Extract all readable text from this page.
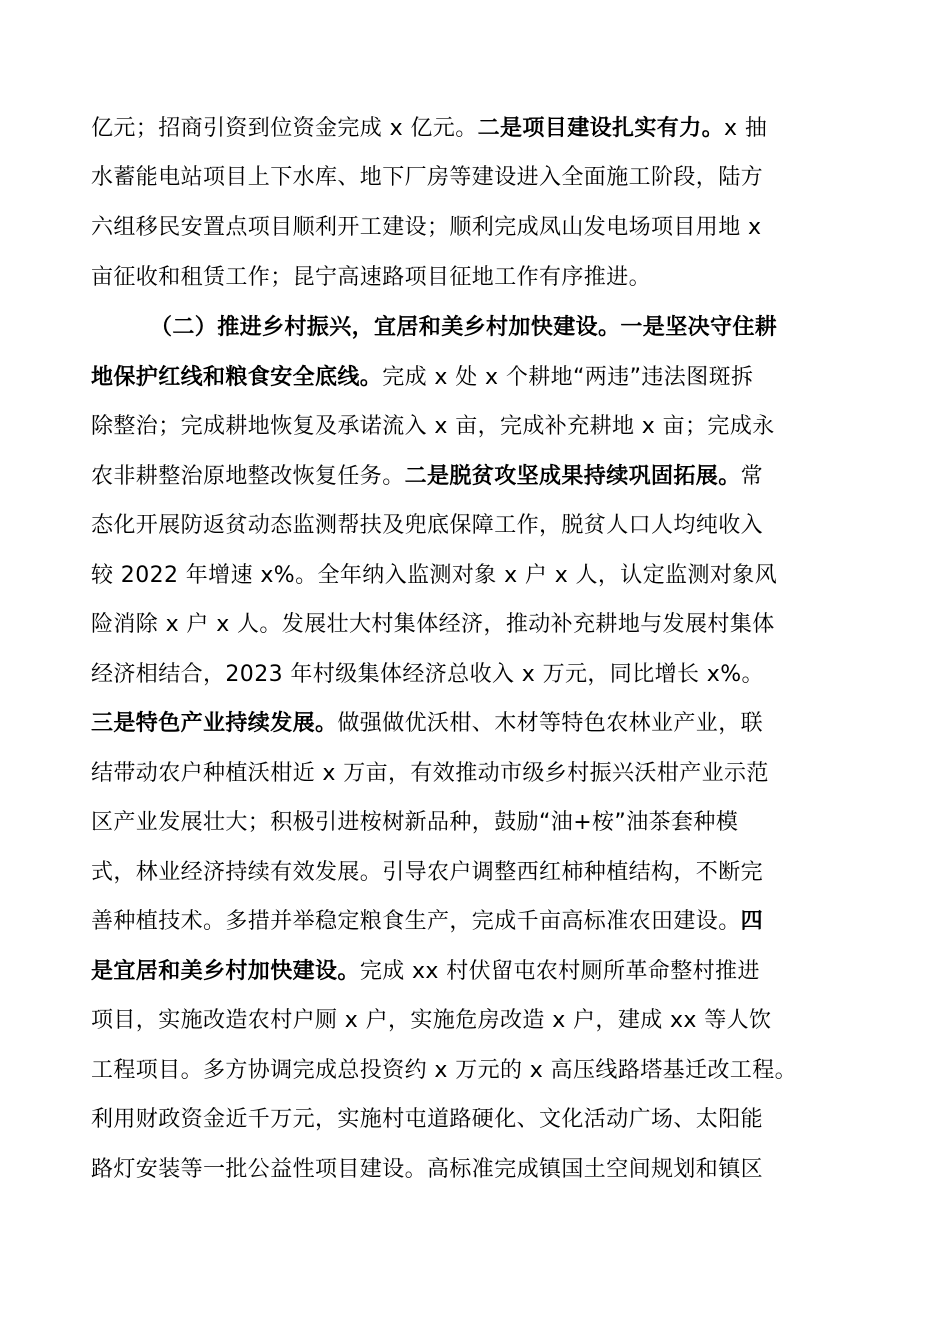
亿元；招商引资到位资金完成 x 亿元。二是项目建设扎实有力。x 抽
水蓄能电站项目上下水库、地下厂房等建设进入全面施工阶段，陆方
六组移民安置点项目顺利开工建设；顺利完成凤山发电场项目用地 x
亩征收和租赁工作；昆宁高速路项目征地工作有序推进。
（二）推进乡村振兴，宜居和美乡村加快建设。一是坚决守住耕
地保护红线和粮食安全底线。完成 x 处 x 个耕地“两违”违法图斑拆
除整治；完成耕地恢复及承诺流入 x 亩，完成补充耕地 x 亩；完成永
农非耕整治原地整改恢复任务。二是脱贫攻坚成果持续巩固拓展。常
态化开展防返贫动态监测帮扶及兜底保障工作，脱贫人口人均纯收入
较 2022 年增速 x%。全年纳入监测对象 x 户 x 人，认定监测对象风
险消除 x 户 x 人。发展壮大村集体经济，推动补充耕地与发展村集体
经济相结合，2023 年村级集体经济总收入 x 万元，同比增长 x%。
三是特色产业持续发展。做强做优沃柑、木材等特色农林业产业，联
结带动农户种植沃柑近 x 万亩，有效推动市级乡村振兴沃柑产业示范
区产业发展壮大；积极引进桉树新品种，鼓励“油+桉”油茶套种模
式，林业经济持续有效发展。引导农户调整西红柿种植结构，不断完
善种植技术。多措并举稳定粮食生产，完成千亩高标准农田建设。四
是宜居和美乡村加快建设。完成 xx 村伏留屯农村厕所革命整村推进
项目，实施改造农村户厕 x 户，实施危房改造 x 户，建成 xx 等人饮
工程项目。多方协调完成总投资约 x 万元的 x 高压线路塔基迁改工程。
利用财政资金近千万元，实施村屯道路硬化、文化活动广场、太阳能
路灯安装等一批公益性项目建设。高标准完成镇国土空间规划和镇区
